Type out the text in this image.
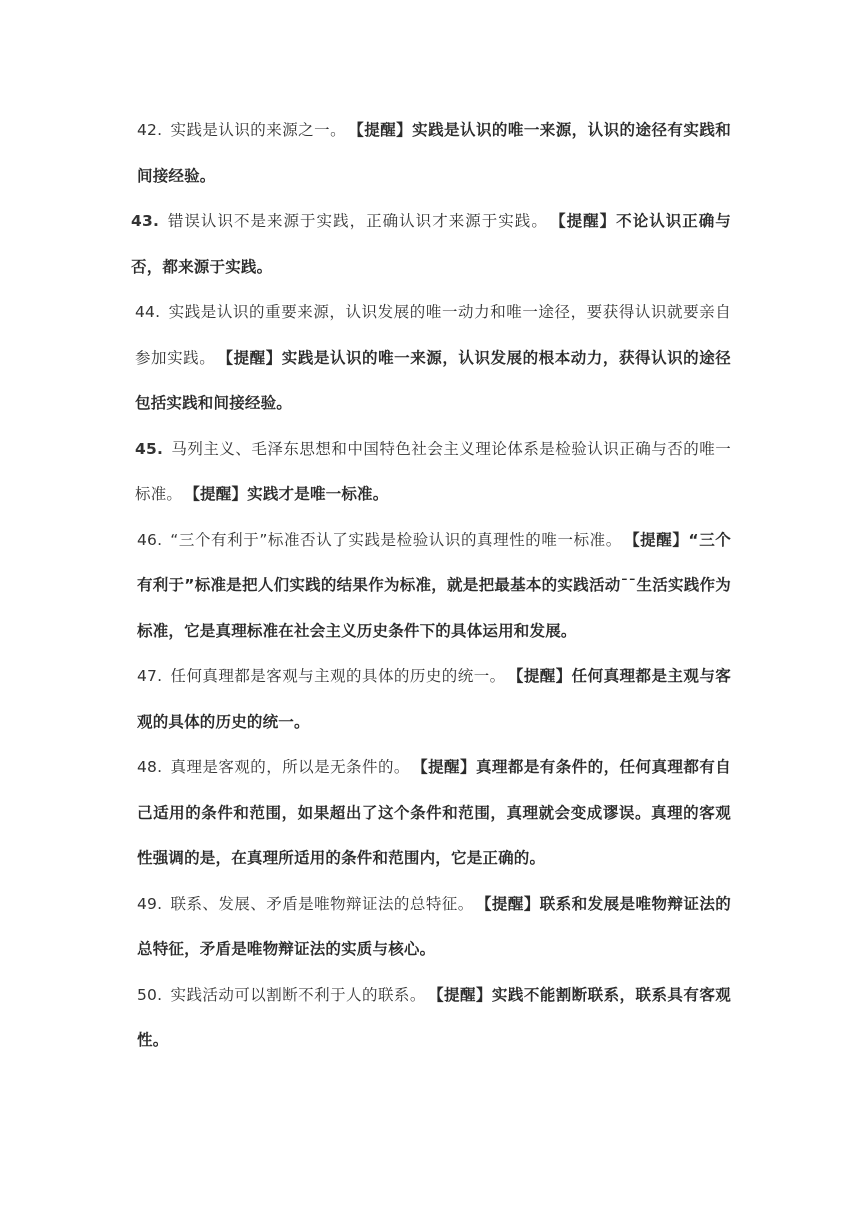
42. 实践是认识的来源之一。 【提醒】实践是认识的唯一来源，认识的途径有实践和间接经验。

43. 错误认识不是来源于实践，正确认识才来源于实践。 【提醒】不论认识正确与否，都来源于实践。

44. 实践是认识的重要来源，认识发展的唯一动力和唯一途径，要获得认识就要亲自参加实践。 【提醒】实践是认识的唯一来源，认识发展的根本动力，获得认识的途径包括实践和间接经验。

45. 马列主义、毛泽东思想和中国特色社会主义理论体系是检验认识正确与否的唯一标准。 【提醒】实践才是唯一标准。

46. “三个有利于”标准否认了实践是检验认识的真理性的唯一标准。 【提醒】“三个有利于”标准是把人们实践的结果作为标准，就是把最基本的实践活动¯¯生活实践作为标准，它是真理标准在社会主义历史条件下的具体运用和发展。

47. 任何真理都是客观与主观的具体的历史的统一。 【提醒】任何真理都是主观与客观的具体的历史的统一。

48. 真理是客观的，所以是无条件的。 【提醒】真理都是有条件的，任何真理都有自己适用的条件和范围，如果超出了这个条件和范围，真理就会变成谬误。真理的客观性强调的是，在真理所适用的条件和范围内，它是正确的。

49. 联系、发展、矛盾是唯物辩证法的总特征。 【提醒】联系和发展是唯物辩证法的总特征，矛盾是唯物辩证法的实质与核心。

50. 实践活动可以割断不利于人的联系。 【提醒】实践不能割断联系，联系具有客观性。
